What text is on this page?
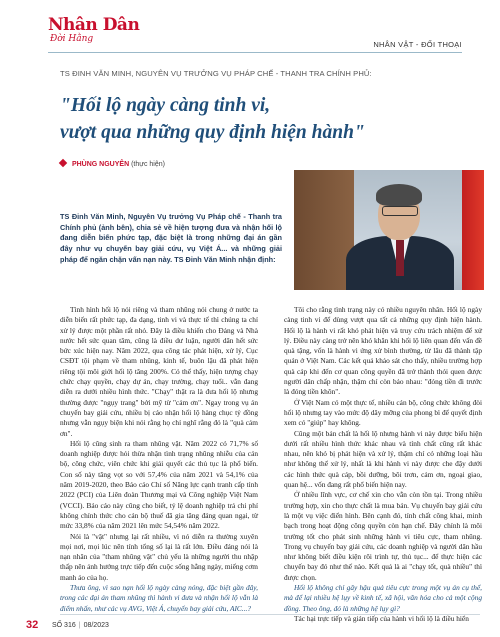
Nhân Dân
Đời Hằng
NHÂN VẬT - ĐỐI THOẠI
TS ĐINH VĂN MINH, NGUYÊN VỤ TRƯỞNG VỤ PHÁP CHẾ - THANH TRA CHÍNH PHỦ:
"Hối lộ ngày càng tinh vi,
vượt qua những quy định hiện hành"
PHÙNG NGUYÊN (thực hiện)
TS Đinh Văn Minh, Nguyên Vụ trưởng Vụ Pháp chế - Thanh tra Chính phủ (ảnh bên), chia sẻ về hiện tượng đưa và nhận hối lộ đang diễn biến phức tạp, đặc biệt là trong những đại án gần đây như vụ chuyến bay giải cứu, vụ Việt Á... và những giải pháp để ngăn chặn vấn nạn này. TS Đinh Văn Minh nhận định:

Tình hình hối lộ nói riêng và tham nhũng nói chung ở nước ta diễn biến rất phức tạp, đa dạng, tinh vi và thực tế thì chúng ta chỉ xử lý được một phần rất nhỏ. Đây là điều khiến cho Đảng và Nhà nước hết sức quan tâm, cũng là điều dư luận, người dân hết sức bức xúc hiện nay. Năm 2022, qua công tác phát hiện, xử lý, Cục CSĐT tội phạm về tham nhũng, kinh tế, buôn lậu đã phát hiện riêng tội môi giới hối lộ tăng 200%. Có thể thấy, hiện tượng chạy chức chạy quyền, chạy dự án, chạy trường, chạy tuổi.. vẫn đang diễn ra dưới nhiều hình thức. "Chạy" thật ra là đưa hối lộ nhưng thường được "ngụy trang" bởi mỹ từ "cảm ơn". Ngay trong vụ án chuyến bay giải cứu, nhiều bị cáo nhận hối lộ hàng chục tỷ đồng nhưng vẫn ngụy biện khi nói rằng họ chỉ nghĩ rằng đó là "quà cảm ơn".

Hối lộ cũng sinh ra tham nhũng vặt. Năm 2022 có 71,7% số doanh nghiệp được hỏi thừa nhận tình trạng nhũng nhiễu của cán bộ, công chức, viên chức khi giải quyết các thủ tục là phổ biến. Con số này tăng vọt so với 57,4% của năm 2021 và 54,1% của năm 2019-2020, theo Báo cáo Chỉ số Năng lực cạnh tranh cấp tỉnh 2022 (PCI) của Liên đoàn Thương mại và Công nghiệp Việt Nam (VCCI). Báo cáo này cũng cho biết, tỷ lệ doanh nghiệp trả chi phí không chính thức cho cán bộ thuế đã gia tăng đáng quan ngại, từ mức 33,8% của năm 2021 lên mức 54,54% năm 2022.

Nói là "vặt" nhưng lại rất nhiều, vì nó diễn ra thường xuyên mọi nơi, mọi lúc nên tính tổng số lại là rất lớn. Điều đáng nói là nạn nhân của "tham nhũng vặt" chủ yếu là những người thu nhập thấp nên ảnh hưởng trực tiếp đến cuộc sống hằng ngày, miếng cơm manh áo của họ.

Thưa ông, vì sao nạn hối lộ ngày càng nóng, đặc biệt gần đây, trong các đại án tham nhũng thì hành vi đưa và nhận hối lộ vẫn là điểm nhấn, như các vụ AVG, Việt Á, chuyến bay giải cứu, AIC...?

Tôi cho rằng tình trạng này có nhiều nguyên nhân. Hối lộ ngày càng tinh vi để dùng vượt qua tất cả những quy định hiện hành. Hối lộ là hành vi rất khó phát hiện và truy cứu trách nhiệm để xử lý. Điều này càng trở nên khó khăn khi hối lộ liên quan đến vấn đề quà tặng, vốn là hành vi ứng xử bình thường, từ lâu đã thành tập quán ở Việt Nam. Các kết quả khảo sát cho thấy, nhiều trường hợp quà cáp khi đến cơ quan công quyền đã trở thành thói quen được người dân chấp nhận, thậm chí còn bảo nhau: "đóng tiền đi trước là đóng tiền khôn".

Ở Việt Nam có một thực tế, nhiều cán bộ, công chức không đòi hối lộ nhưng tay vào mức độ dây mỡng của phong bì để quyết định xem có "giúp" hay không.

Cũng một bản chất là hối lộ nhưng hành vi này được biểu hiện dưới rất nhiều hình thức khác nhau và tính chất cũng rất khác nhau, nên khó bị phát hiện và xử lý, thậm chí có những loại hầu như không thể xử lý, nhất là khi hành vi này được che đậy dưới các hình thức quà cáp, bồi dưỡng, bôi trơn, cảm ơn, ngoại giao, quan hệ... vốn đang rất phổ biến hiện nay.

Ở nhiều lĩnh vực, cơ chế xin cho vẫn còn tồn tại. Trong nhiều trường hợp, xin cho thực chất là mua bán. Vụ chuyến bay giải cứu là một vụ việc điển hình. Bên cạnh đó, tính chất công khai, minh bạch trong hoạt động công quyền còn hạn chế. Đây chính là môi trường tốt cho phát sinh những hành vi tiêu cực, tham nhũng. Trong vụ chuyến bay giải cứu, các doanh nghiệp và người dân hầu như không biết điều kiện rõi trình tự, thủ tục... để thực hiện các chuyến bay đó như thế nào. Kết quả là ai "chạy tốt, quà nhiều" thì được chọn.

Hối lộ không chỉ gây hậu quả tiêu cực trong một vụ án cụ thể, mà để lại nhiều hệ lụy về kinh tế, xã hội, văn hóa cho cả một cộng đồng. Theo ông, đó là những hệ lụy gì?

Tác hại trực tiếp và gián tiếp của hành vi hối lộ là điều hiển

32 SỐ 316 | 08/2023
